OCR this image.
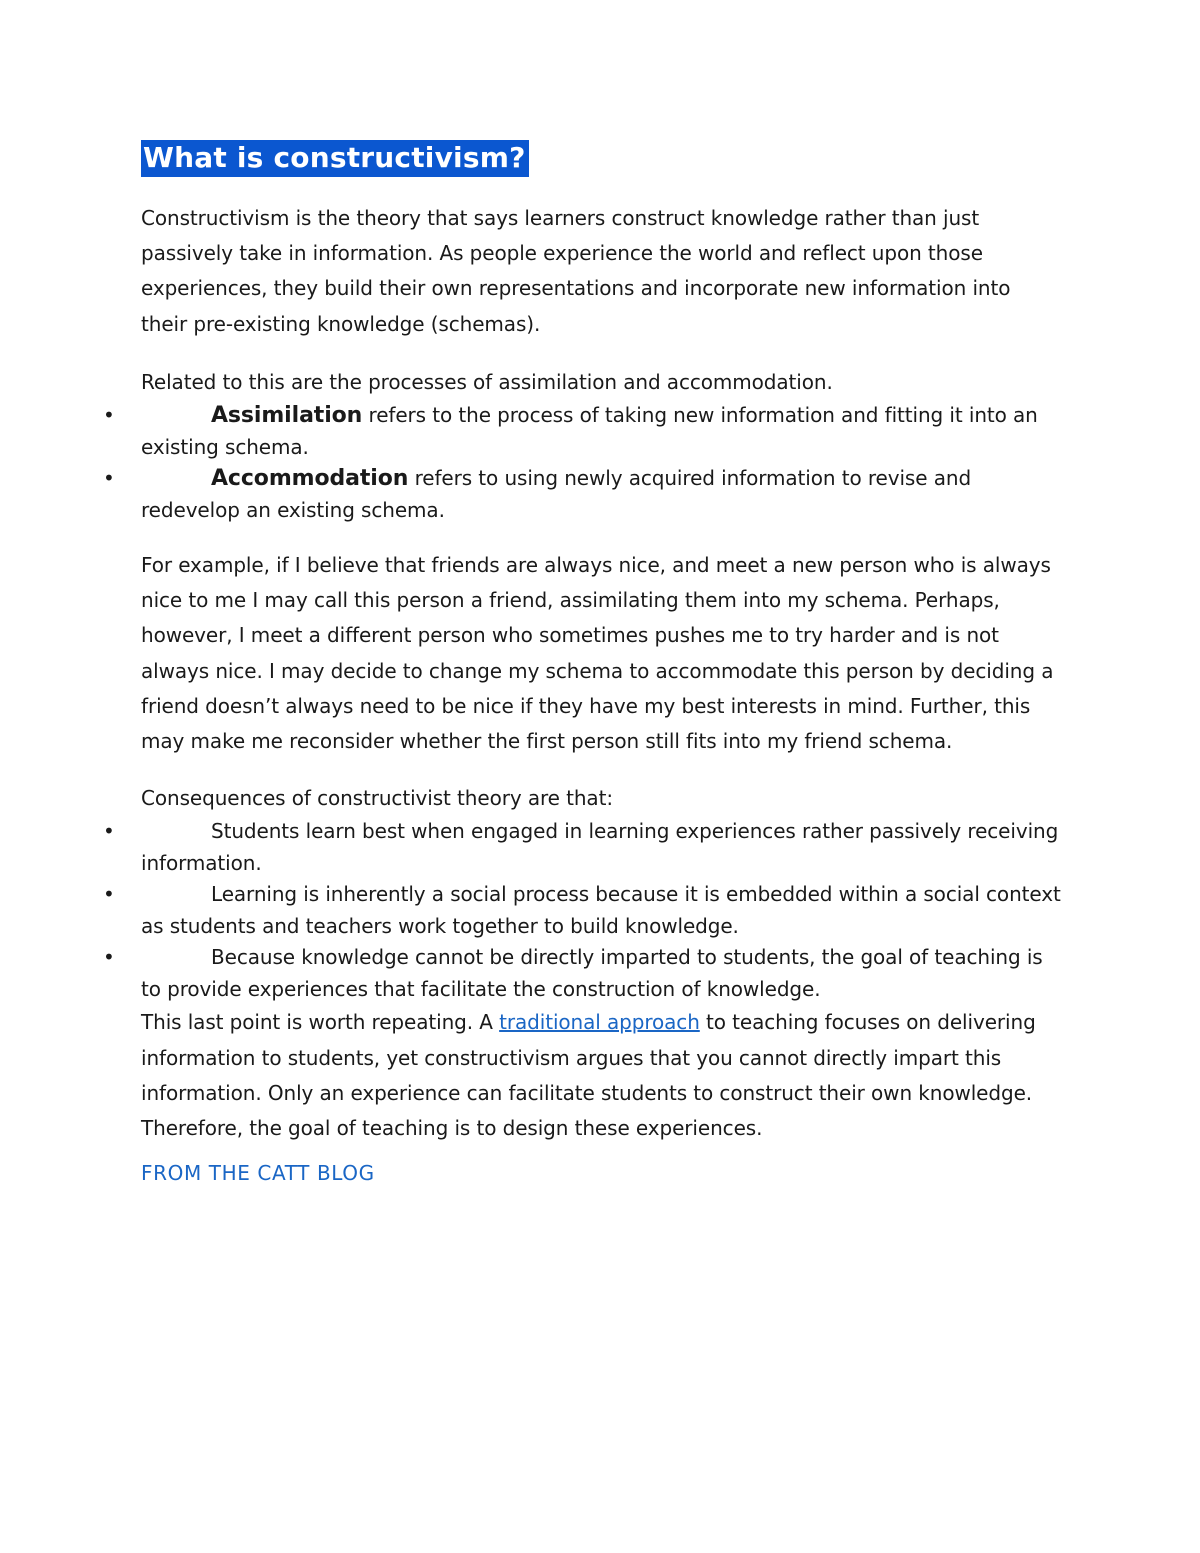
What is constructivism?

Constructivism is the theory that says learners construct knowledge rather than just passively take in information. As people experience the world and reflect upon those experiences, they build their own representations and incorporate new information into their pre-existing knowledge (schemas).

Related to this are the processes of assimilation and accommodation.

•	Assimilation refers to the process of taking new information and fitting it into an existing schema.
•	Accommodation refers to using newly acquired information to revise and redevelop an existing schema.

For example, if I believe that friends are always nice, and meet a new person who is always nice to me I may call this person a friend, assimilating them into my schema. Perhaps, however, I meet a different person who sometimes pushes me to try harder and is not always nice. I may decide to change my schema to accommodate this person by deciding a friend doesn’t always need to be nice if they have my best interests in mind. Further, this may make me reconsider whether the first person still fits into my friend schema.

Consequences of constructivist theory are that:

•	Students learn best when engaged in learning experiences rather passively receiving information.
•	Learning is inherently a social process because it is embedded within a social context as students and teachers work together to build knowledge.
•	Because knowledge cannot be directly imparted to students, the goal of teaching is to provide experiences that facilitate the construction of knowledge.

This last point is worth repeating. A traditional approach to teaching focuses on delivering information to students, yet constructivism argues that you cannot directly impart this information. Only an experience can facilitate students to construct their own knowledge. Therefore, the goal of teaching is to design these experiences.

FROM THE CATT BLOG
